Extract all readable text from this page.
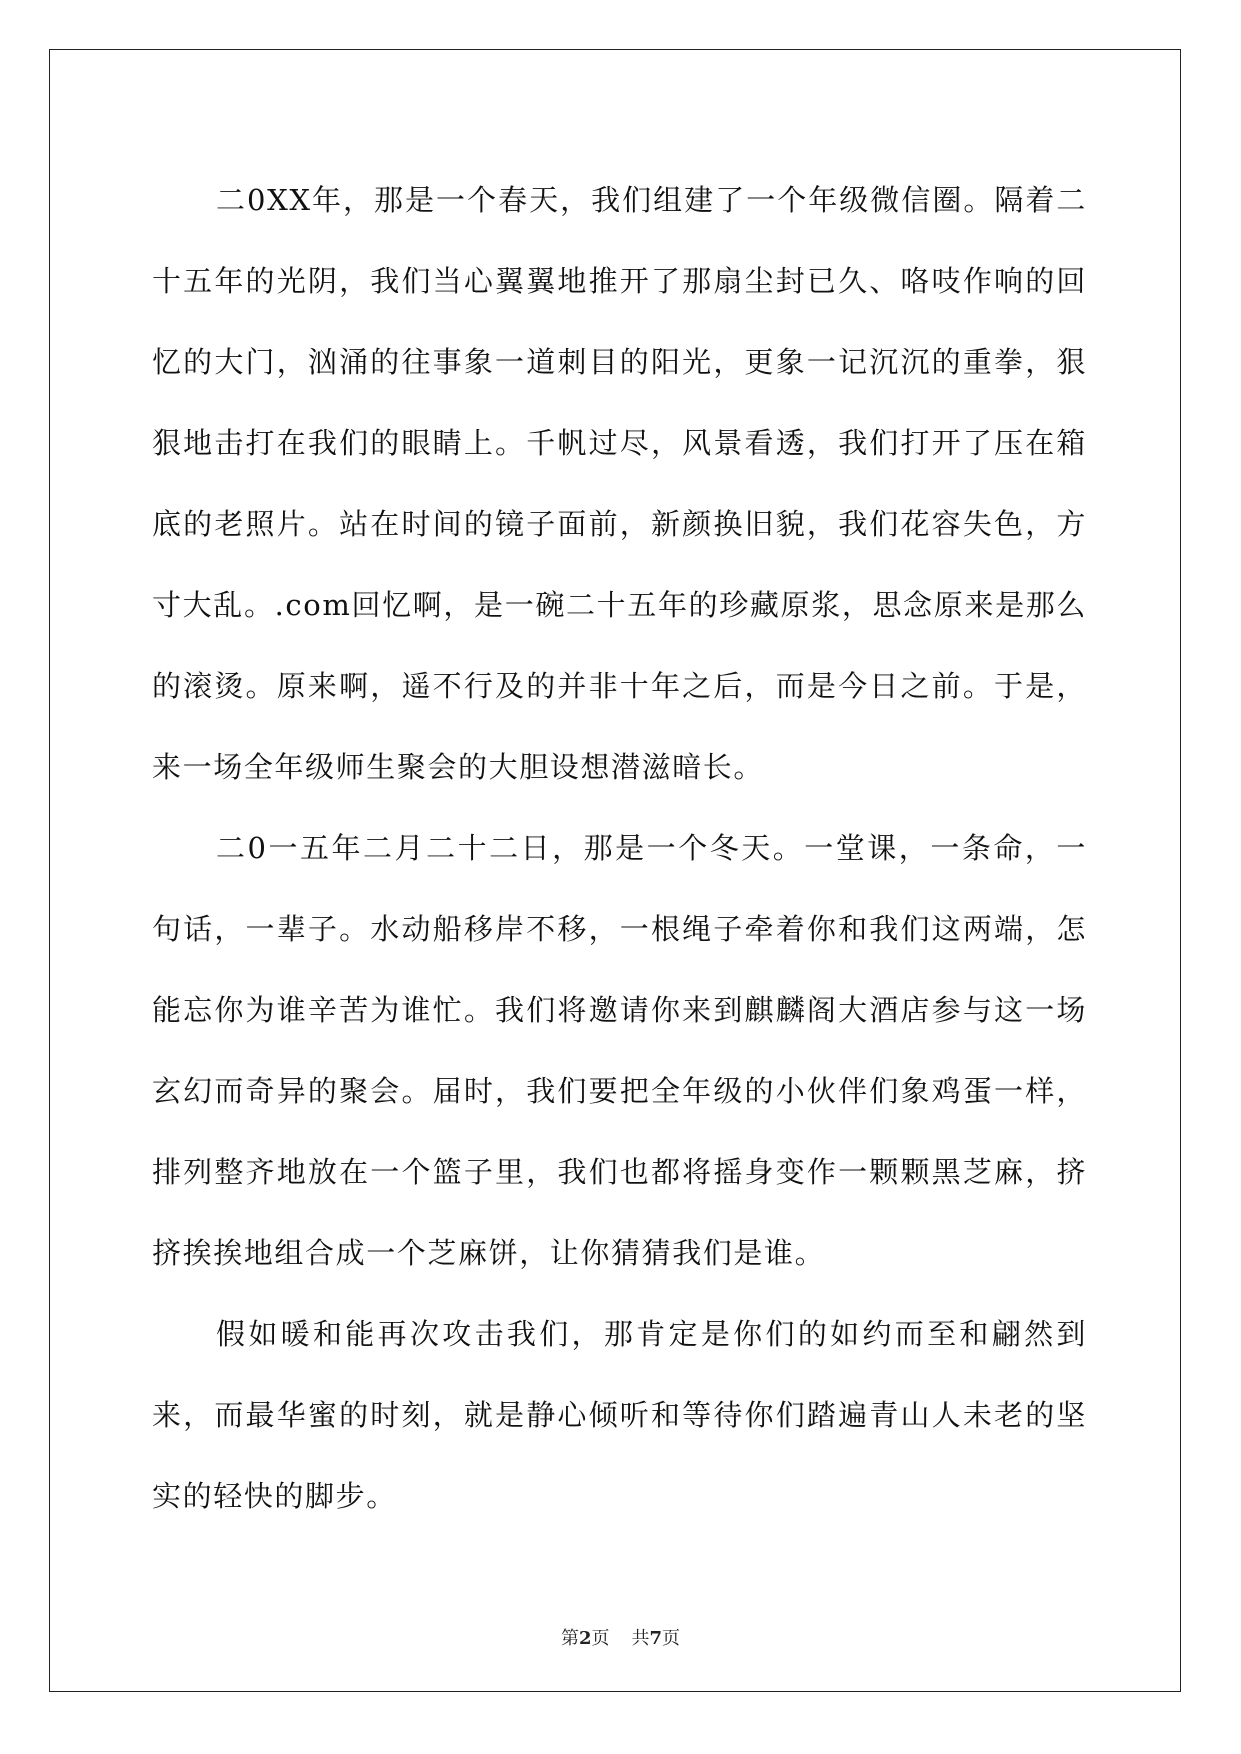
二0XX年，那是一个春天，我们组建了一个年级微信圈。隔着二十五年的光阴，我们当心翼翼地推开了那扇尘封已久、咯吱作响的回忆的大门，汹涌的往事象一道刺目的阳光，更象一记沉沉的重拳，狠狠地击打在我们的眼睛上。千帆过尽，风景看透，我们打开了压在箱底的老照片。站在时间的镜子面前，新颜换旧貌，我们花容失色，方寸大乱。.com回忆啊，是一碗二十五年的珍藏原浆，思念原来是那么的滚烫。原来啊，遥不行及的并非十年之后，而是今日之前。于是，来一场全年级师生聚会的大胆设想潜滋暗长。

二0一五年二月二十二日，那是一个冬天。一堂课，一条命，一句话，一辈子。水动船移岸不移，一根绳子牵着你和我们这两端，怎能忘你为谁辛苦为谁忙。我们将邀请你来到麒麟阁大酒店参与这一场玄幻而奇异的聚会。届时，我们要把全年级的小伙伴们象鸡蛋一样，排列整齐地放在一个篮子里，我们也都将摇身变作一颗颗黑芝麻，挤挤挨挨地组合成一个芝麻饼，让你猜猜我们是谁。

假如暖和能再次攻击我们，那肯定是你们的如约而至和翩然到来，而最华蜜的时刻，就是静心倾听和等待你们踏遍青山人未老的坚实的轻快的脚步。

第2页 共7页
